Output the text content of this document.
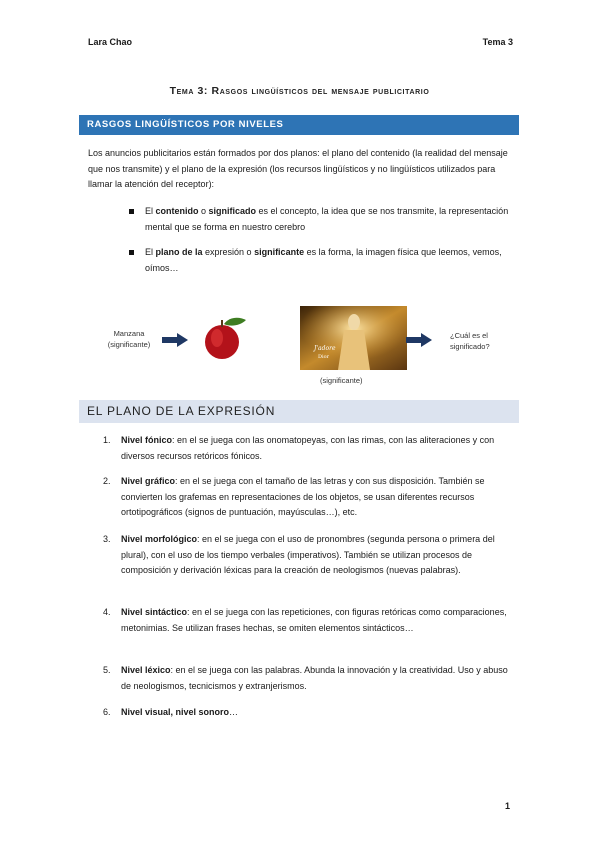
Lara Chao	Tema 3
Tema 3: Rasgos lingüísticos del mensaje publicitario
RASGOS LINGÜÍSTICOS POR NIVELES
Los anuncios publicitarios están formados por dos planos: el plano del contenido (la realidad del mensaje que nos transmite) y el plano de la expresión (los recursos lingüísticos y no lingüísticos utilizados para llamar la atención del receptor):
El contenido o significado es el concepto, la idea que se nos transmite, la representación mental que se forma en nuestro cerebro
El plano de la expresión o significante es la forma, la imagen física que leemos, vemos, oímos…
Manzana
(significante)	J'adore
Dior
(significante)
¿Cuál es el
significado?
EL PLANO DE LA EXPRESIÓN
1. Nivel fónico: en el se juega con las onomatopeyas, con las rimas, con las aliteraciones y con diversos recursos retóricos fónicos.
2. Nivel gráfico: en el se juega con el tamaño de las letras y con sus disposición. También se convierten los grafemas en representaciones de los objetos, se usan diferentes recursos ortotipográficos (signos de puntuación, mayúsculas…), etc.
3. Nivel morfológico: en el se juega con el uso de pronombres (segunda persona o primera del plural), con el uso de los tiempo verbales (imperativos). También se utilizan procesos de composición y derivación léxicas para la creación de neologismos (nuevas palabras).
4. Nivel sintáctico: en el se juega con las repeticiones, con figuras retóricas como comparaciones, metonimias. Se utilizan frases hechas, se omiten elementos sintácticos…
5. Nivel léxico: en el se juega con las palabras. Abunda la innovación y la creatividad. Uso y abuso de neologismos, tecnicismos y extranjerismos.
6. Nivel visual, nivel sonoro…
1
